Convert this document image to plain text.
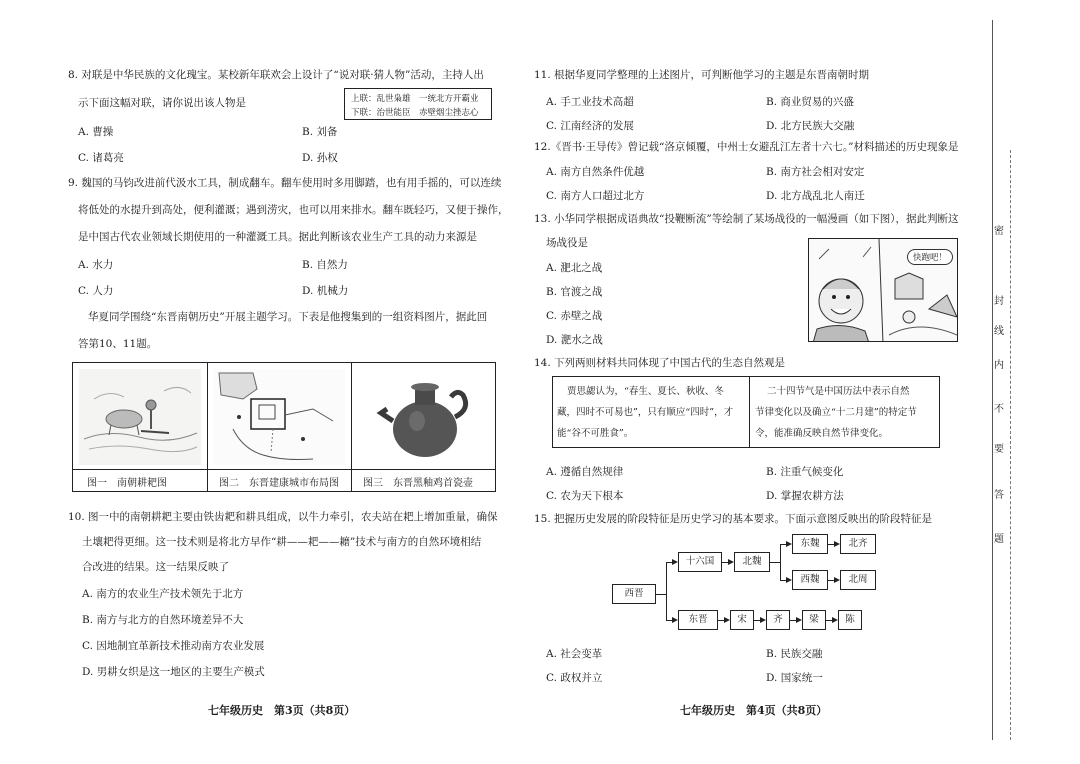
8. 对联是中华民族的文化瑰宝。某校新年联欢会上设计了“说对联·猜人物”活动，主持人出
示下面这幅对联，请你说出该人物是	上联：乱世枭雄　一统北方开霸业
下联：治世能臣　赤壁烟尘挫志心
A. 曹操	B. 刘备
C. 诸葛亮	D. 孙权
9. 魏国的马钧改进前代汲水工具，制成翻车。翻车使用时多用脚踏，也有用手摇的，可以连续
将低处的水提升到高处，便利灌溉；遇到涝灾，也可以用来排水。翻车既轻巧，又便于操作，
是中国古代农业领域长期使用的一种灌溉工具。据此判断该农业生产工具的动力来源是
A. 水力	B. 自然力
C. 人力	D. 机械力
华夏同学围绕“东晋南朝历史”开展主题学习。下表是他搜集到的一组资料图片，据此回
答第10、11题。
图一　南朝耕耙图	图二　东晋建康城市布局图 图三　东晋黑釉鸡首瓷壶
10. 图一中的南朝耕耙主要由铁齿耙和耕具组成，以牛力牵引，农夫站在耙上增加重量，确保
土壤耙得更细。这一技术则是将北方早作“耕——耙——耱”技术与南方的自然环境相结
合改进的结果。这一结果反映了
A. 南方的农业生产技术领先于北方
B. 南方与北方的自然环境差异不大
C. 因地制宜革新技术推动南方农业发展
D. 男耕女织是这一地区的主要生产模式
七年级历史　第3页（共8页）
11. 根据华夏同学整理的上述图片，可判断他学习的主题是东晋南朝时期
A. 手工业技术高超	B. 商业贸易的兴盛
C. 江南经济的发展	D. 北方民族大交融
12.《晋书·王导传》曾记载“洛京倾覆，中州士女避乱江左者十六七。”材料描述的历史现象是
A. 南方自然条件优越	B. 南方社会相对安定
C. 南方人口超过北方	D. 北方战乱北人南迁
13. 小华同学根据成语典故“投鞭断流”等绘制了某场战役的一幅漫画（如下图），据此判断这
场战役是
A. 淝北之战
B. 官渡之战
C. 赤壁之战
D. 淝水之战
快跑吧！
14. 下列两则材料共同体现了中国古代的生态自然观是
贾思勰认为，“春生、夏长、秋收、冬
藏，四时不可易也”，只有顺应“四时”，才
能“谷不可胜食”。
二十四节气是中国历法中表示自然
节律变化以及确立“十二月建”的特定节
令，能准确反映自然节律变化。
A. 遵循自然规律	B. 注重气候变化
C. 农为天下根本	D. 掌握农耕方法
15. 把握历史发展的阶段特征是历史学习的基本要求。下面示意图反映出的阶段特征是
西晋
十六国	北魏
东魏	北齐
西魏	北周
东晋	宋	齐	梁	陈
A. 社会变革	B. 民族交融
C. 政权并立	D. 国家统一
七年级历史　第4页（共8页）
密
封
线
内
不
要
答
题
